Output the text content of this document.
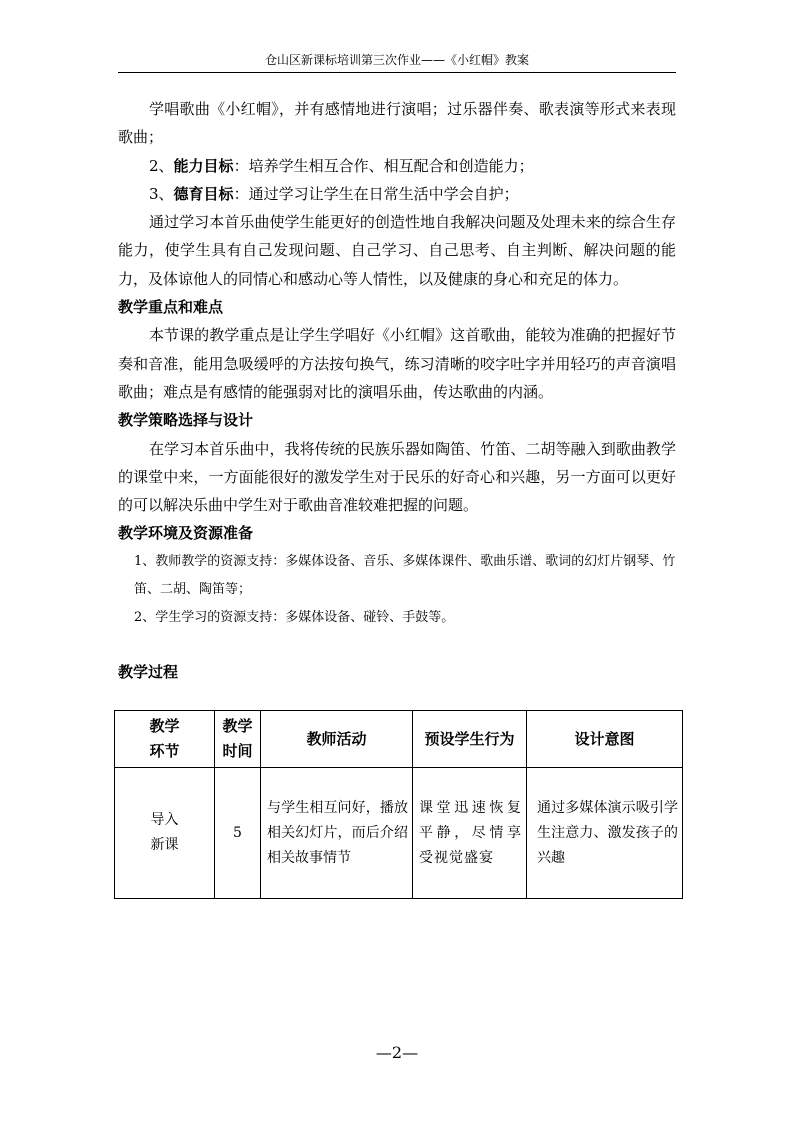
仓山区新课标培训第三次作业——《小红帽》教案

学唱歌曲《小红帽》，并有感情地进行演唱；过乐器伴奏、歌表演等形式来表现歌曲；

2、能力目标：培养学生相互合作、相互配合和创造能力；

3、德育目标：通过学习让学生在日常生活中学会自护；

通过学习本首乐曲使学生能更好的创造性地自我解决问题及处理未来的综合生存能力，使学生具有自己发现问题、自己学习、自己思考、自主判断、解决问题的能力，及体谅他人的同情心和感动心等人情性，以及健康的身心和充足的体力。

教学重点和难点

本节课的教学重点是让学生学唱好《小红帽》这首歌曲，能较为准确的把握好节奏和音准，能用急吸缓呼的方法按句换气，练习清晰的咬字吐字并用轻巧的声音演唱歌曲；难点是有感情的能强弱对比的演唱乐曲，传达歌曲的内涵。

教学策略选择与设计

在学习本首乐曲中，我将传统的民族乐器如陶笛、竹笛、二胡等融入到歌曲教学的课堂中来，一方面能很好的激发学生对于民乐的好奇心和兴趣，另一方面可以更好的可以解决乐曲中学生对于歌曲音准较难把握的问题。

教学环境及资源准备

1、教师教学的资源支持：多媒体设备、音乐、多媒体课件、歌曲乐谱、歌词的幻灯片钢琴、竹笛、二胡、陶笛等；

2、学生学习的资源支持：多媒体设备、碰铃、手鼓等。

教学过程
教学环节	教学时间	教师活动	预设学生行为	设计意图

导入新课	5	与学生相互问好，播放相关幻灯片，而后介绍相关故事情节	课堂迅速恢复平静，尽情享受视觉盛宴	通过多媒体演示吸引学生注意力、激发孩子的兴趣
—2—
